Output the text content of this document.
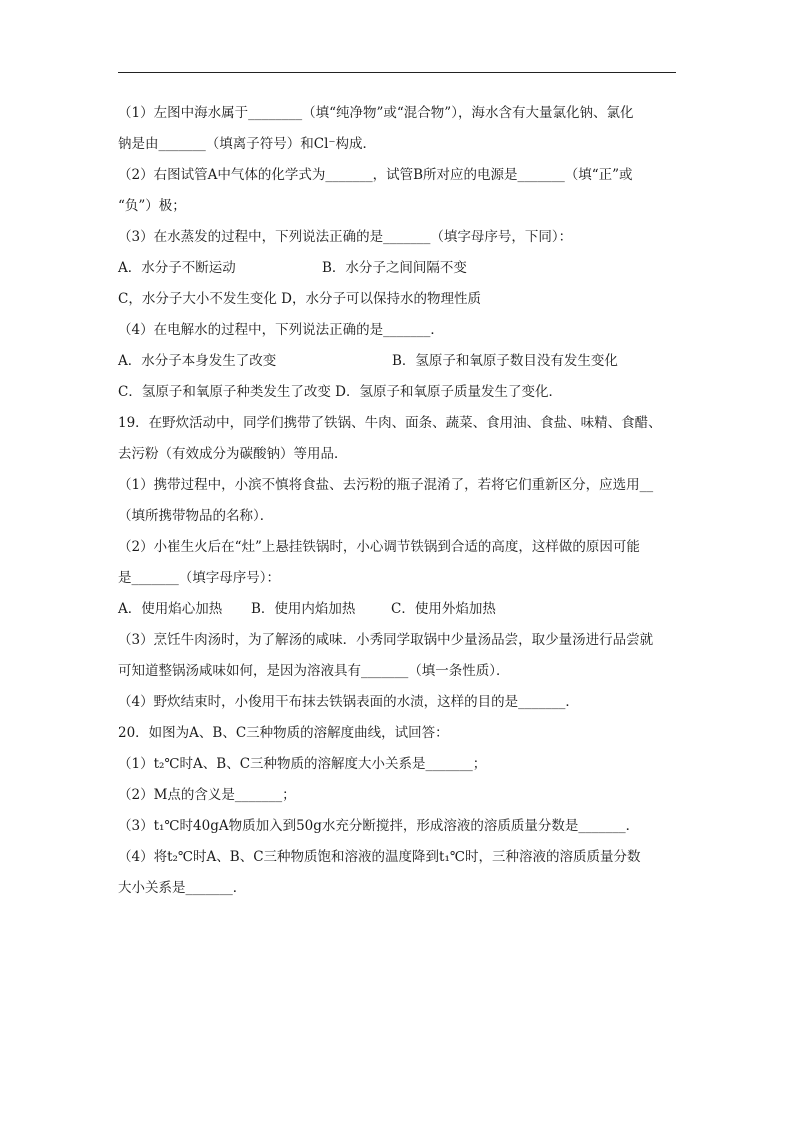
（1）左图中海水属于________（填“纯净物”或“混合物”），海水含有大量氯化钠、氯化
钠是由_______（填离子符号）和Cl⁻构成．
（2）右图试管A中气体的化学式为_______，试管B所对应的电源是_______（填“正”或
“负”）极；
（3）在水蒸发的过程中，下列说法正确的是_______（填字母序号，下同）：
A．水分子不断运动	B．水分子之间间隔不变
C，水分子大小不发生变化 D，水分子可以保持水的物理性质
（4）在电解水的过程中，下列说法正确的是_______．
A．水分子本身发生了改变	B．氢原子和氧原子数目没有发生变化
C．氢原子和氧原子种类发生了改变 D．氢原子和氧原子质量发生了变化．
19．在野炊活动中，同学们携带了铁锅、牛肉、面条、蔬菜、食用油、食盐、味精、食醋、
去污粉（有效成分为碳酸钠）等用品．
（1）携带过程中，小滨不慎将食盐、去污粉的瓶子混淆了，若将它们重新区分，应选用__
（填所携带物品的名称）．
（2）小崔生火后在“灶”上悬挂铁锅时，小心调节铁锅到合适的高度，这样做的原因可能
是_______（填字母序号）：
A．使用焰心加热	B．使用内焰加热	C．使用外焰加热
（3）烹饪牛肉汤时，为了解汤的咸味．小秀同学取锅中少量汤品尝，取少量汤进行品尝就
可知道整锅汤咸味如何，是因为溶液具有_______（填一条性质）．
（4）野炊结束时，小俊用干布抹去铁锅表面的水渍，这样的目的是_______．
20．如图为A、B、C三种物质的溶解度曲线，试回答：
（1）t₂℃时A、B、C三种物质的溶解度大小关系是_______；
（2）M点的含义是_______；
（3）t₁℃时40gA物质加入到50g水充分断搅拌，形成溶液的溶质质量分数是_______．
（4）将t₂℃时A、B、C三种物质饱和溶液的温度降到t₁℃时，三种溶液的溶质质量分数
大小关系是_______．
